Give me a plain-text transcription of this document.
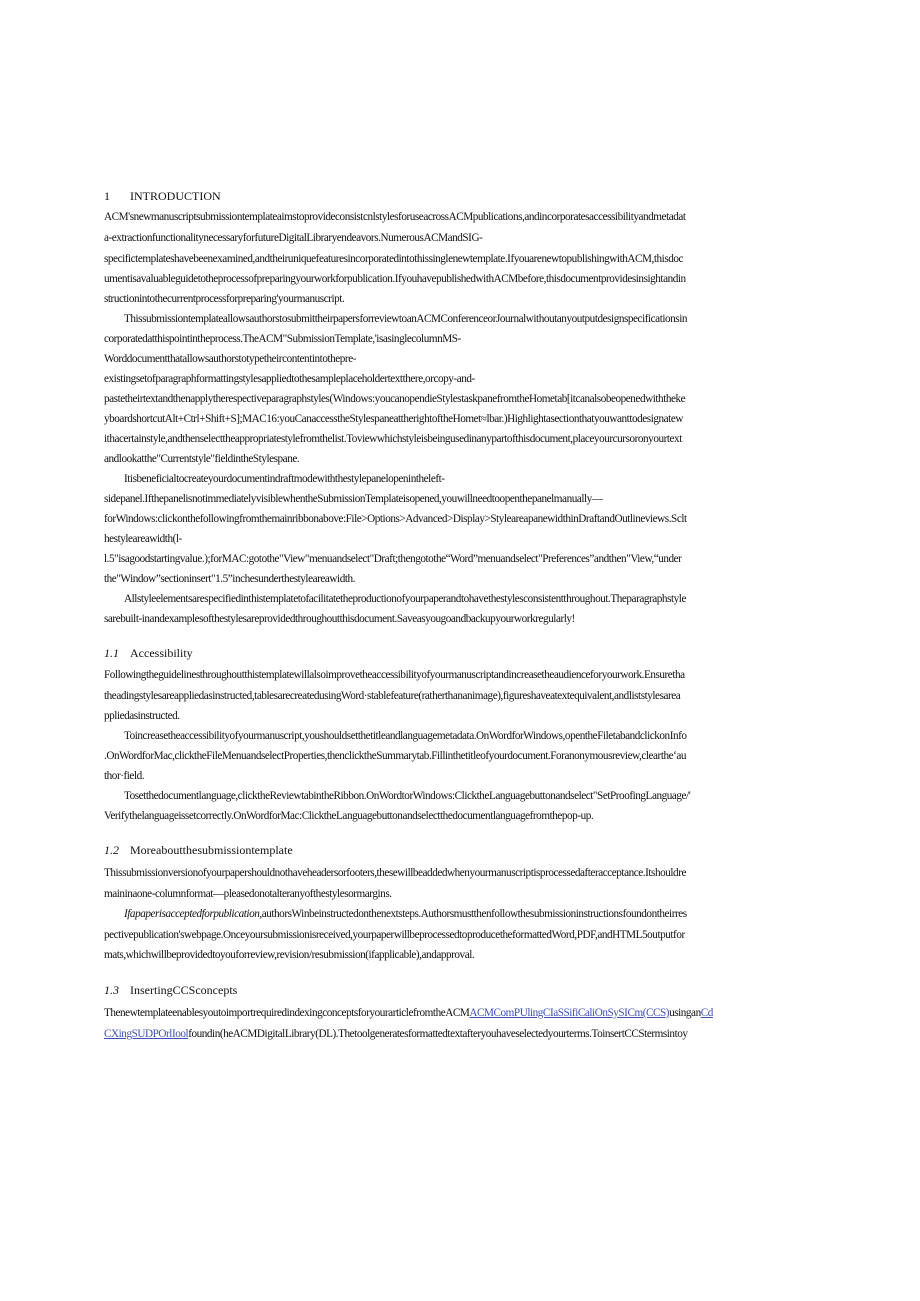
1 INTRODUCTION
ACM'snewmanuscriptsubmissiontemplateaimstoprovideconsistcnlstylesforuseacrossACMpublications,andincorporatesaccessibilityandmetadat
a-extractionfunctionalitynecessaryforfutureDigitalLibraryendeavors.NumerousACMandSIG-
specifictemplateshavebeenexamined,andtheiruniquefeaturesincorporatedintothissinglenewtemplate.IfyouarenewtopublishingwithACM,thisdoc
umentisavaluableguidetotheprocessofpreparingyourworkforpublication.IfyouhavepublishedwithACMbefore,thisdocumentprovidesinsightandin
structionintothecurrentprocessforpreparing'yourmanuscript.
ThissubmissiontemplateallowsauthorstosubmittheirpapersforreviewtoanACMConferenceorJournalwithoutanyoutputdesignspecificationsin
corporatedatthispointintheprocess.TheACM"SubmissionTemplate,'isasinglecolumnMS-
Worddocumentthatallowsauthorstotypetheircontentintothepre-
existingsetofparagraphformattingstylesappliedtothesampleplaceholdertextthere,orcopy-and-
pastetheirtextandthenapplytherespectiveparagraphstyles(Windows:youcanopendieStylestaskpanefromtheHometab[itcanalsobeopenedwiththeke
yboardshortcutAlt+Ctrl+Shift+S];MAC16:youCanaccesstheStylespaneattherightoftheHomet≈lbar.)Highlightasectionthatyouwanttodesignatew
ithacertainstyle,andthenselecttheappropriatestylefromthelist.Toviewwhichstyleisbeingusedinanypartofthisdocument,placeyourcursoronyourtext
andlookatthe"Currentstyle"fieldintheStylespane.
Itisbeneficialtocreateyourdocumentindraftmodewiththestylepanelopenintheleft-
sidepanel.IfthepanelisnotimmediatelyvisiblewhentheSubmissionTemplateisopened,youwillneedtoopenthepanelmanually—
forWindows:clickonthefollowingfromthemainribbonabove:File>Options>Advanced>Display>StyleareapanewidthinDraftandOutlineviews.Sclt
hestyleareawidth(l-
l.5"isagoodstartingvalue.);forMAC:gotothe"View"menuandselect"Draft;thengotothe“Word”menuandselect"Preferences”andthen"View,“under
the"Window”sectioninsert"1.5”inchesunderthestyleareawidth.
Allstyleelementsarespecifiedinthistemplatetofacilitatetheproductionofyourpaperandtohavethestylesconsistentthroughout.Theparagraphstyle
sarebuilt-inandexamplesofthestylesareprovidedthroughoutthisdocument.Saveasyougoandbackupyourworkregularly!
1.1 Accessibility
Followingtheguidelinesthroughoutthistemplatewillalsoimprovetheaccessibilityofyourmanuscriptandincreasetheaudienceforyourwork.Ensuretha
theadingstylesareappliedasinstructed,tablesarecreatedusingWord·stablefeature(ratherthananimage),figureshaveatextequivalent,andliststylesarea
ppliedasinstructed.
Toincreasetheaccessibilityofyourmanuscript,youshouldsetthetitleandlanguagemetadata.OnWordforWindows,opentheFiletabandclickonInfo
.OnWordforMac,clicktheFileMenuandselectProperties,thenclicktheSummarytab.Fillinthetitleofyourdocument.Foranonymousreview,cleartheʻau
thor·field.
Tosetthedocumentlanguage,clicktheReviewtabintheRibbon.OnWordtorWindows:ClicktheLanguagebuttonandselect"SetProofingLanguage/'
Verifythelanguageissetcorrectly.OnWordforMac:ClicktheLanguagebuttonandselectthedocumentlanguagefromthepop-up.
1.2 Moreaboutthesubmissiontemplate
Thissubmissionversionofyourpapershouldnothaveheadersorfooters,thesewillbeaddedwhenyourmanuscriptisprocessedafteracceptance.Itshouldre
maininaone-columnformat—pleasedonotalteranyofthestylesormargins.
Ifapaperisacceptedforpublication,authorsWinbeinstructedonthenextsteps.Authorsmustthenfollowthesubmissioninstructionsfoundontheirres
pectivepublication'swebpage.Onceyoursubmissionisreceived,yourpaperwillbeprocessedtoproducetheformattedWord,PDF,andHTML5outputfor
mats,whichwillbeprovidedtoyouforreview,revision/resubmission(ifapplicable),andapproval.
1.3 InsertingCCSconcepts
ThenewtemplateenablesyoutoimportrequiredindexingconceptsforyourarticlefromtheACMACMComPUlingCIaSSifiCaliOnSySICm(CCS)usinganCd
CXingSUDPOrlIoolfoundin(heACMDigitalLibrary(DL).Thetoolgeneratesformattedtextafteryouhaveselectedyourterms.ToinsertCCStermsintoy
